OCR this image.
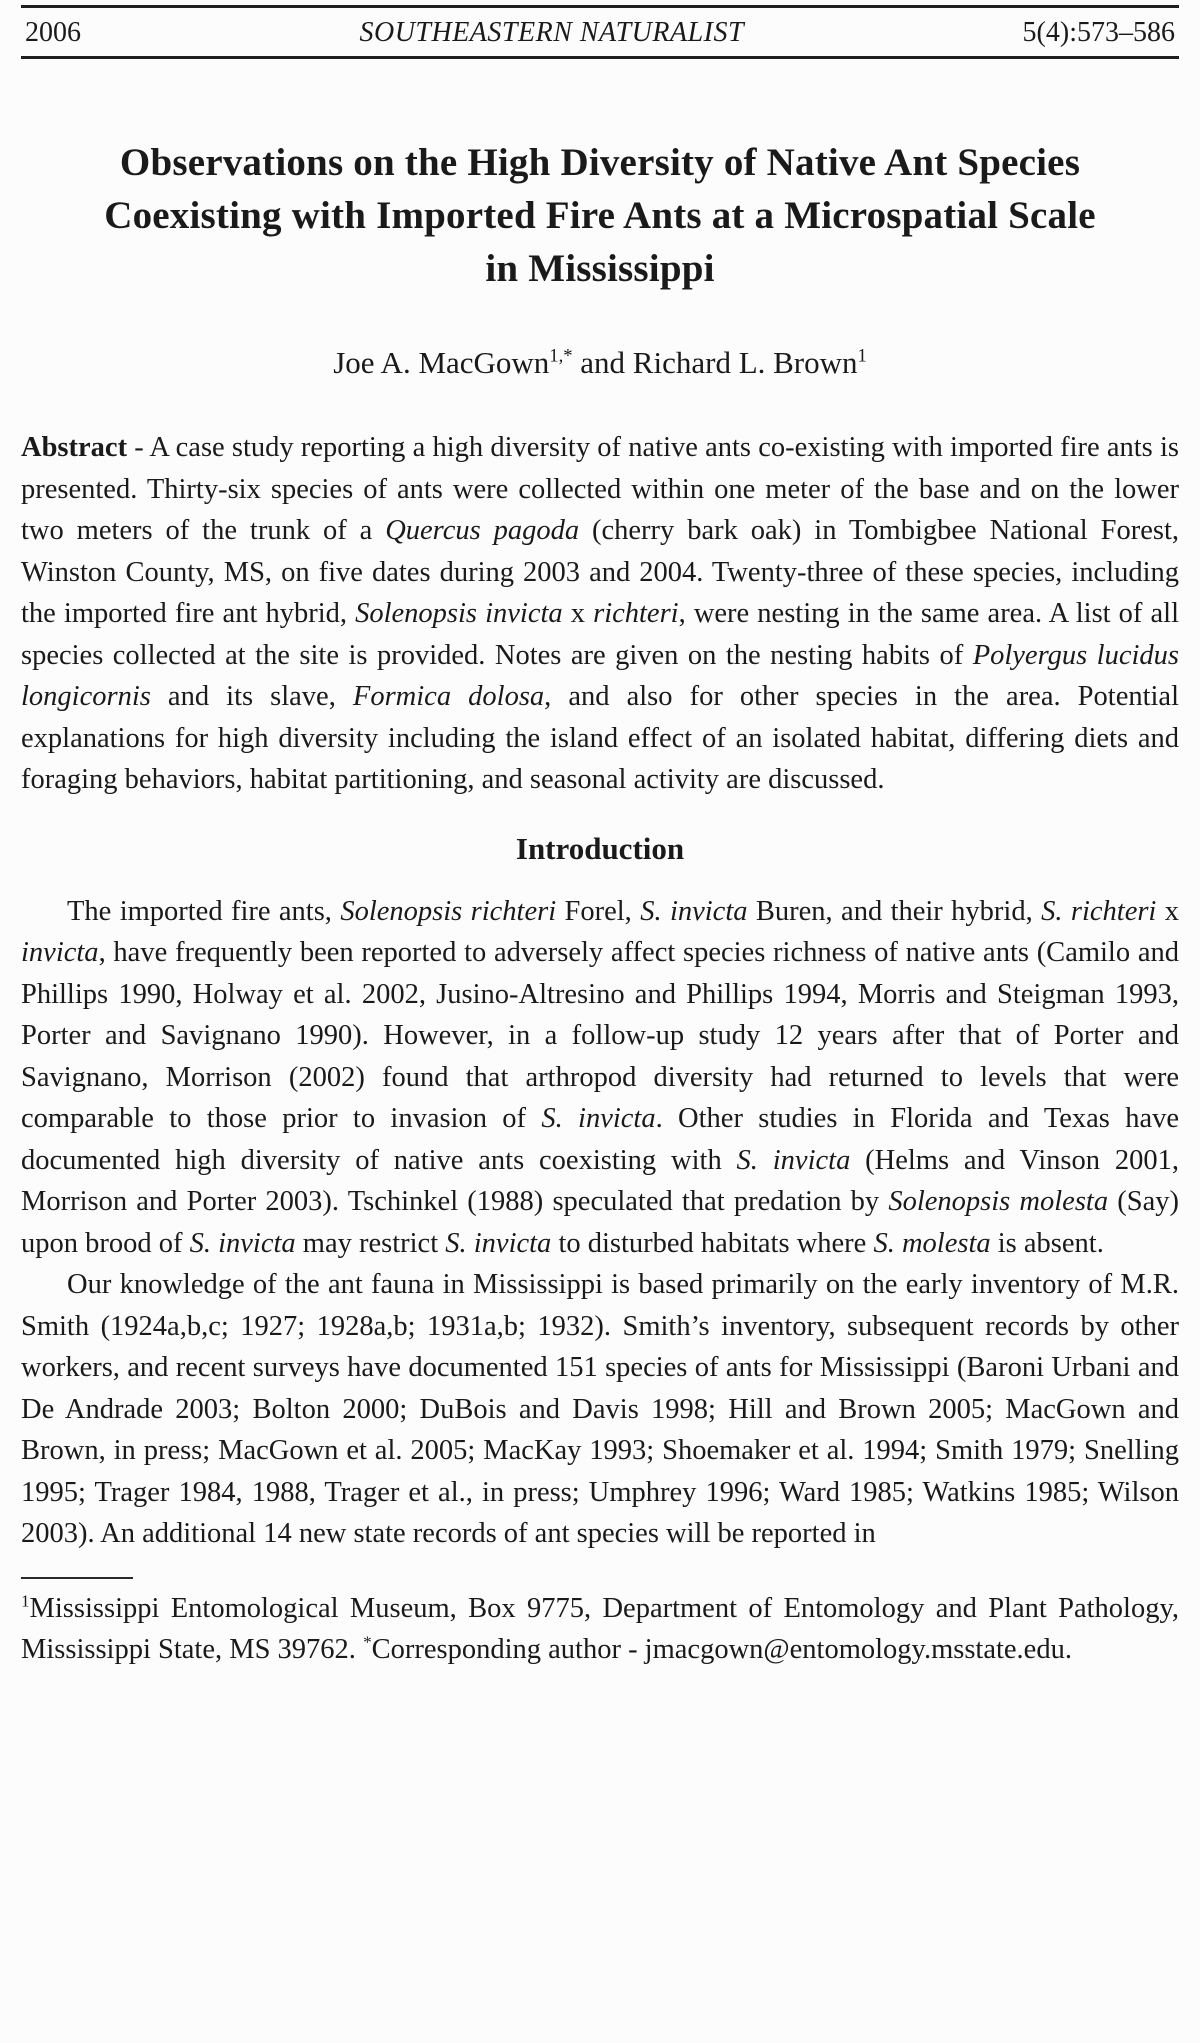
2006	SOUTHEASTERN NATURALIST	5(4):573–586
Observations on the High Diversity of Native Ant Species
Coexisting with Imported Fire Ants at a Microspatial Scale
in Mississippi

Joe A. MacGown$^{1,*}$ and Richard L. Brown$^1$

Abstract - A case study reporting a high diversity of native ants co-existing with imported fire ants is presented. Thirty-six species of ants were collected within one meter of the base and on the lower two meters of the trunk of a Quercus pagoda (cherry bark oak) in Tombigbee National Forest, Winston County, MS, on five dates during 2003 and 2004. Twenty-three of these species, including the imported fire ant hybrid, Solenopsis invicta x richteri, were nesting in the same area. A list of all species collected at the site is provided. Notes are given on the nesting habits of Polyergus lucidus longicornis and its slave, Formica dolosa, and also for other species in the area. Potential explanations for high diversity including the island effect of an isolated habitat, differing diets and foraging behaviors, habitat partitioning, and seasonal activity are discussed.

Introduction

The imported fire ants, Solenopsis richteri Forel, S. invicta Buren, and their hybrid, S. richteri x invicta, have frequently been reported to adversely affect species richness of native ants (Camilo and Phillips 1990, Holway et al. 2002, Jusino-Altresino and Phillips 1994, Morris and Steigman 1993, Porter and Savignano 1990). However, in a follow-up study 12 years after that of Porter and Savignano, Morrison (2002) found that arthropod diversity had returned to levels that were comparable to those prior to invasion of S. invicta. Other studies in Florida and Texas have documented high diversity of native ants coexisting with S. invicta (Helms and Vinson 2001, Morrison and Porter 2003). Tschinkel (1988) speculated that predation by Solenopsis molesta (Say) upon brood of S. invicta may restrict S. invicta to disturbed habitats where S. molesta is absent.

Our knowledge of the ant fauna in Mississippi is based primarily on the early inventory of M.R. Smith (1924a,b,c; 1927; 1928a,b; 1931a,b; 1932). Smith’s inventory, subsequent records by other workers, and recent surveys have documented 151 species of ants for Mississippi (Baroni Urbani and De Andrade 2003; Bolton 2000; DuBois and Davis 1998; Hill and Brown 2005; MacGown and Brown, in press; MacGown et al. 2005; MacKay 1993; Shoemaker et al. 1994; Smith 1979; Snelling 1995; Trager 1984, 1988, Trager et al., in press; Umphrey 1996; Ward 1985; Watkins 1985; Wilson 2003). An additional 14 new state records of ant species will be reported in

$^1$Mississippi Entomological Museum, Box 9775, Department of Entomology and Plant Pathology, Mississippi State, MS 39762. *Corresponding author - jmacgown@entomology.msstate.edu.
